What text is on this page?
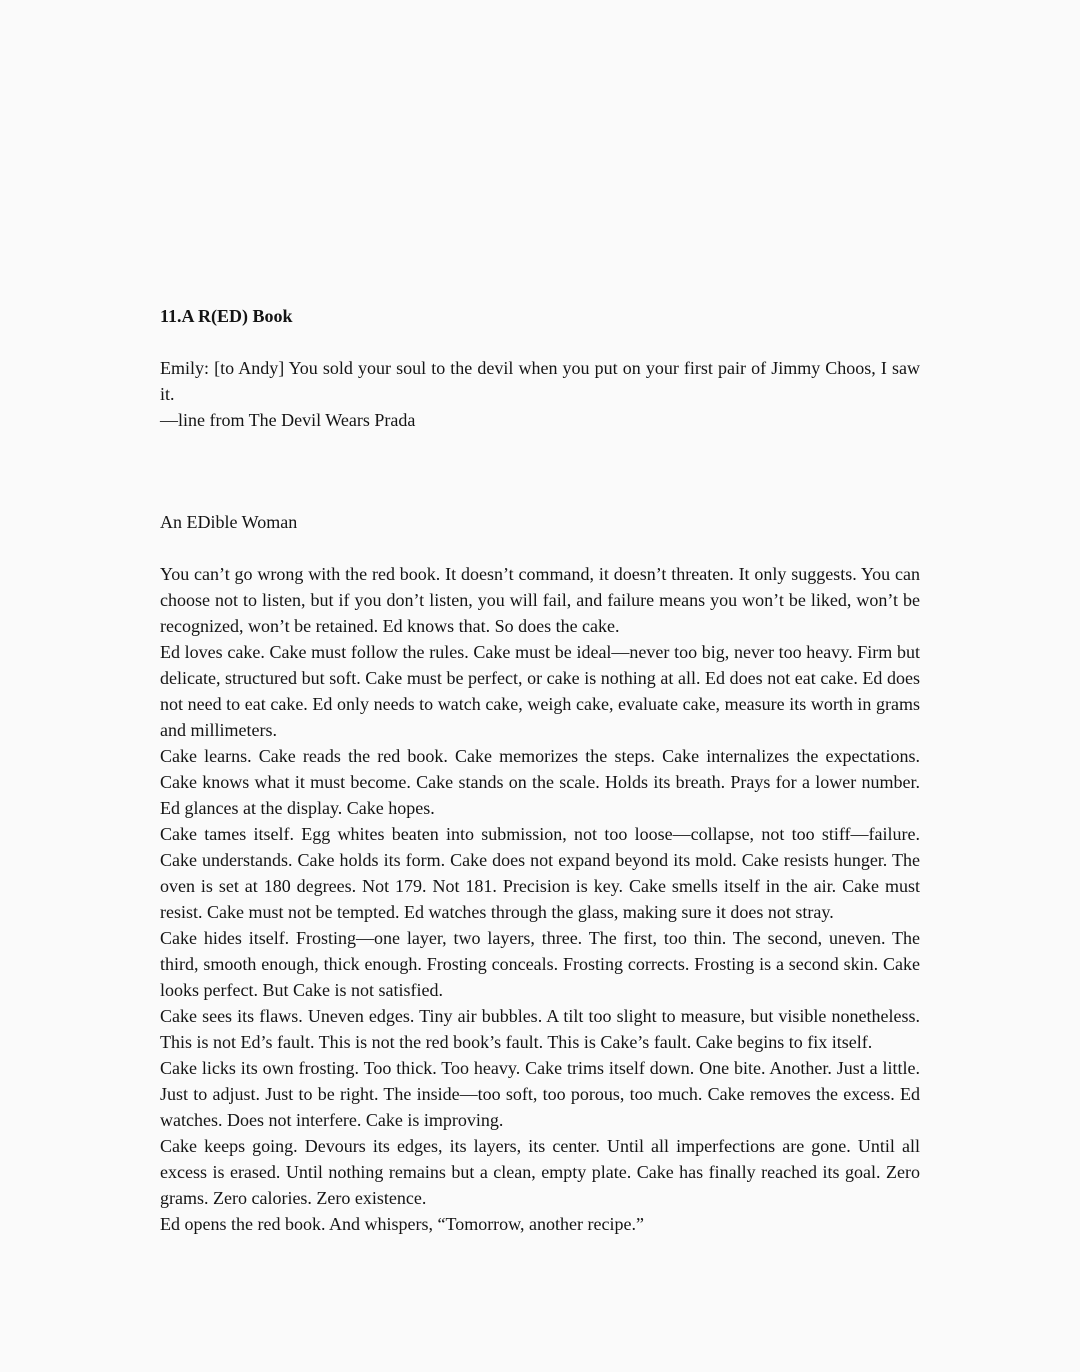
11.A R(ED) Book

Emily: [to Andy] You sold your soul to the devil when you put on your first pair of Jimmy Choos, I saw it.

—line from The Devil Wears Prada

An EDible Woman

You can’t go wrong with the red book. It doesn’t command, it doesn’t threaten. It only suggests. You can choose not to listen, but if you don’t listen, you will fail, and failure means you won’t be liked, won’t be recognized, won’t be retained. Ed knows that. So does the cake.

Ed loves cake. Cake must follow the rules. Cake must be ideal—never too big, never too heavy. Firm but delicate, structured but soft. Cake must be perfect, or cake is nothing at all. Ed does not eat cake. Ed does not need to eat cake. Ed only needs to watch cake, weigh cake, evaluate cake, measure its worth in grams and millimeters.

Cake learns. Cake reads the red book. Cake memorizes the steps. Cake internalizes the expectations. Cake knows what it must become. Cake stands on the scale. Holds its breath. Prays for a lower number. Ed glances at the display. Cake hopes.

Cake tames itself. Egg whites beaten into submission, not too loose—collapse, not too stiff—failure. Cake understands. Cake holds its form. Cake does not expand beyond its mold. Cake resists hunger. The oven is set at 180 degrees. Not 179. Not 181. Precision is key. Cake smells itself in the air. Cake must resist. Cake must not be tempted. Ed watches through the glass, making sure it does not stray.

Cake hides itself. Frosting—one layer, two layers, three. The first, too thin. The second, uneven. The third, smooth enough, thick enough. Frosting conceals. Frosting corrects. Frosting is a second skin. Cake looks perfect. But Cake is not satisfied.

Cake sees its flaws. Uneven edges. Tiny air bubbles. A tilt too slight to measure, but visible nonetheless. This is not Ed’s fault. This is not the red book’s fault. This is Cake’s fault. Cake begins to fix itself.

Cake licks its own frosting. Too thick. Too heavy. Cake trims itself down. One bite. Another. Just a little. Just to adjust. Just to be right. The inside—too soft, too porous, too much. Cake removes the excess. Ed watches. Does not interfere. Cake is improving.

Cake keeps going. Devours its edges, its layers, its center. Until all imperfections are gone. Until all excess is erased. Until nothing remains but a clean, empty plate. Cake has finally reached its goal. Zero grams. Zero calories. Zero existence.

Ed opens the red book. And whispers, “Tomorrow, another recipe.”
